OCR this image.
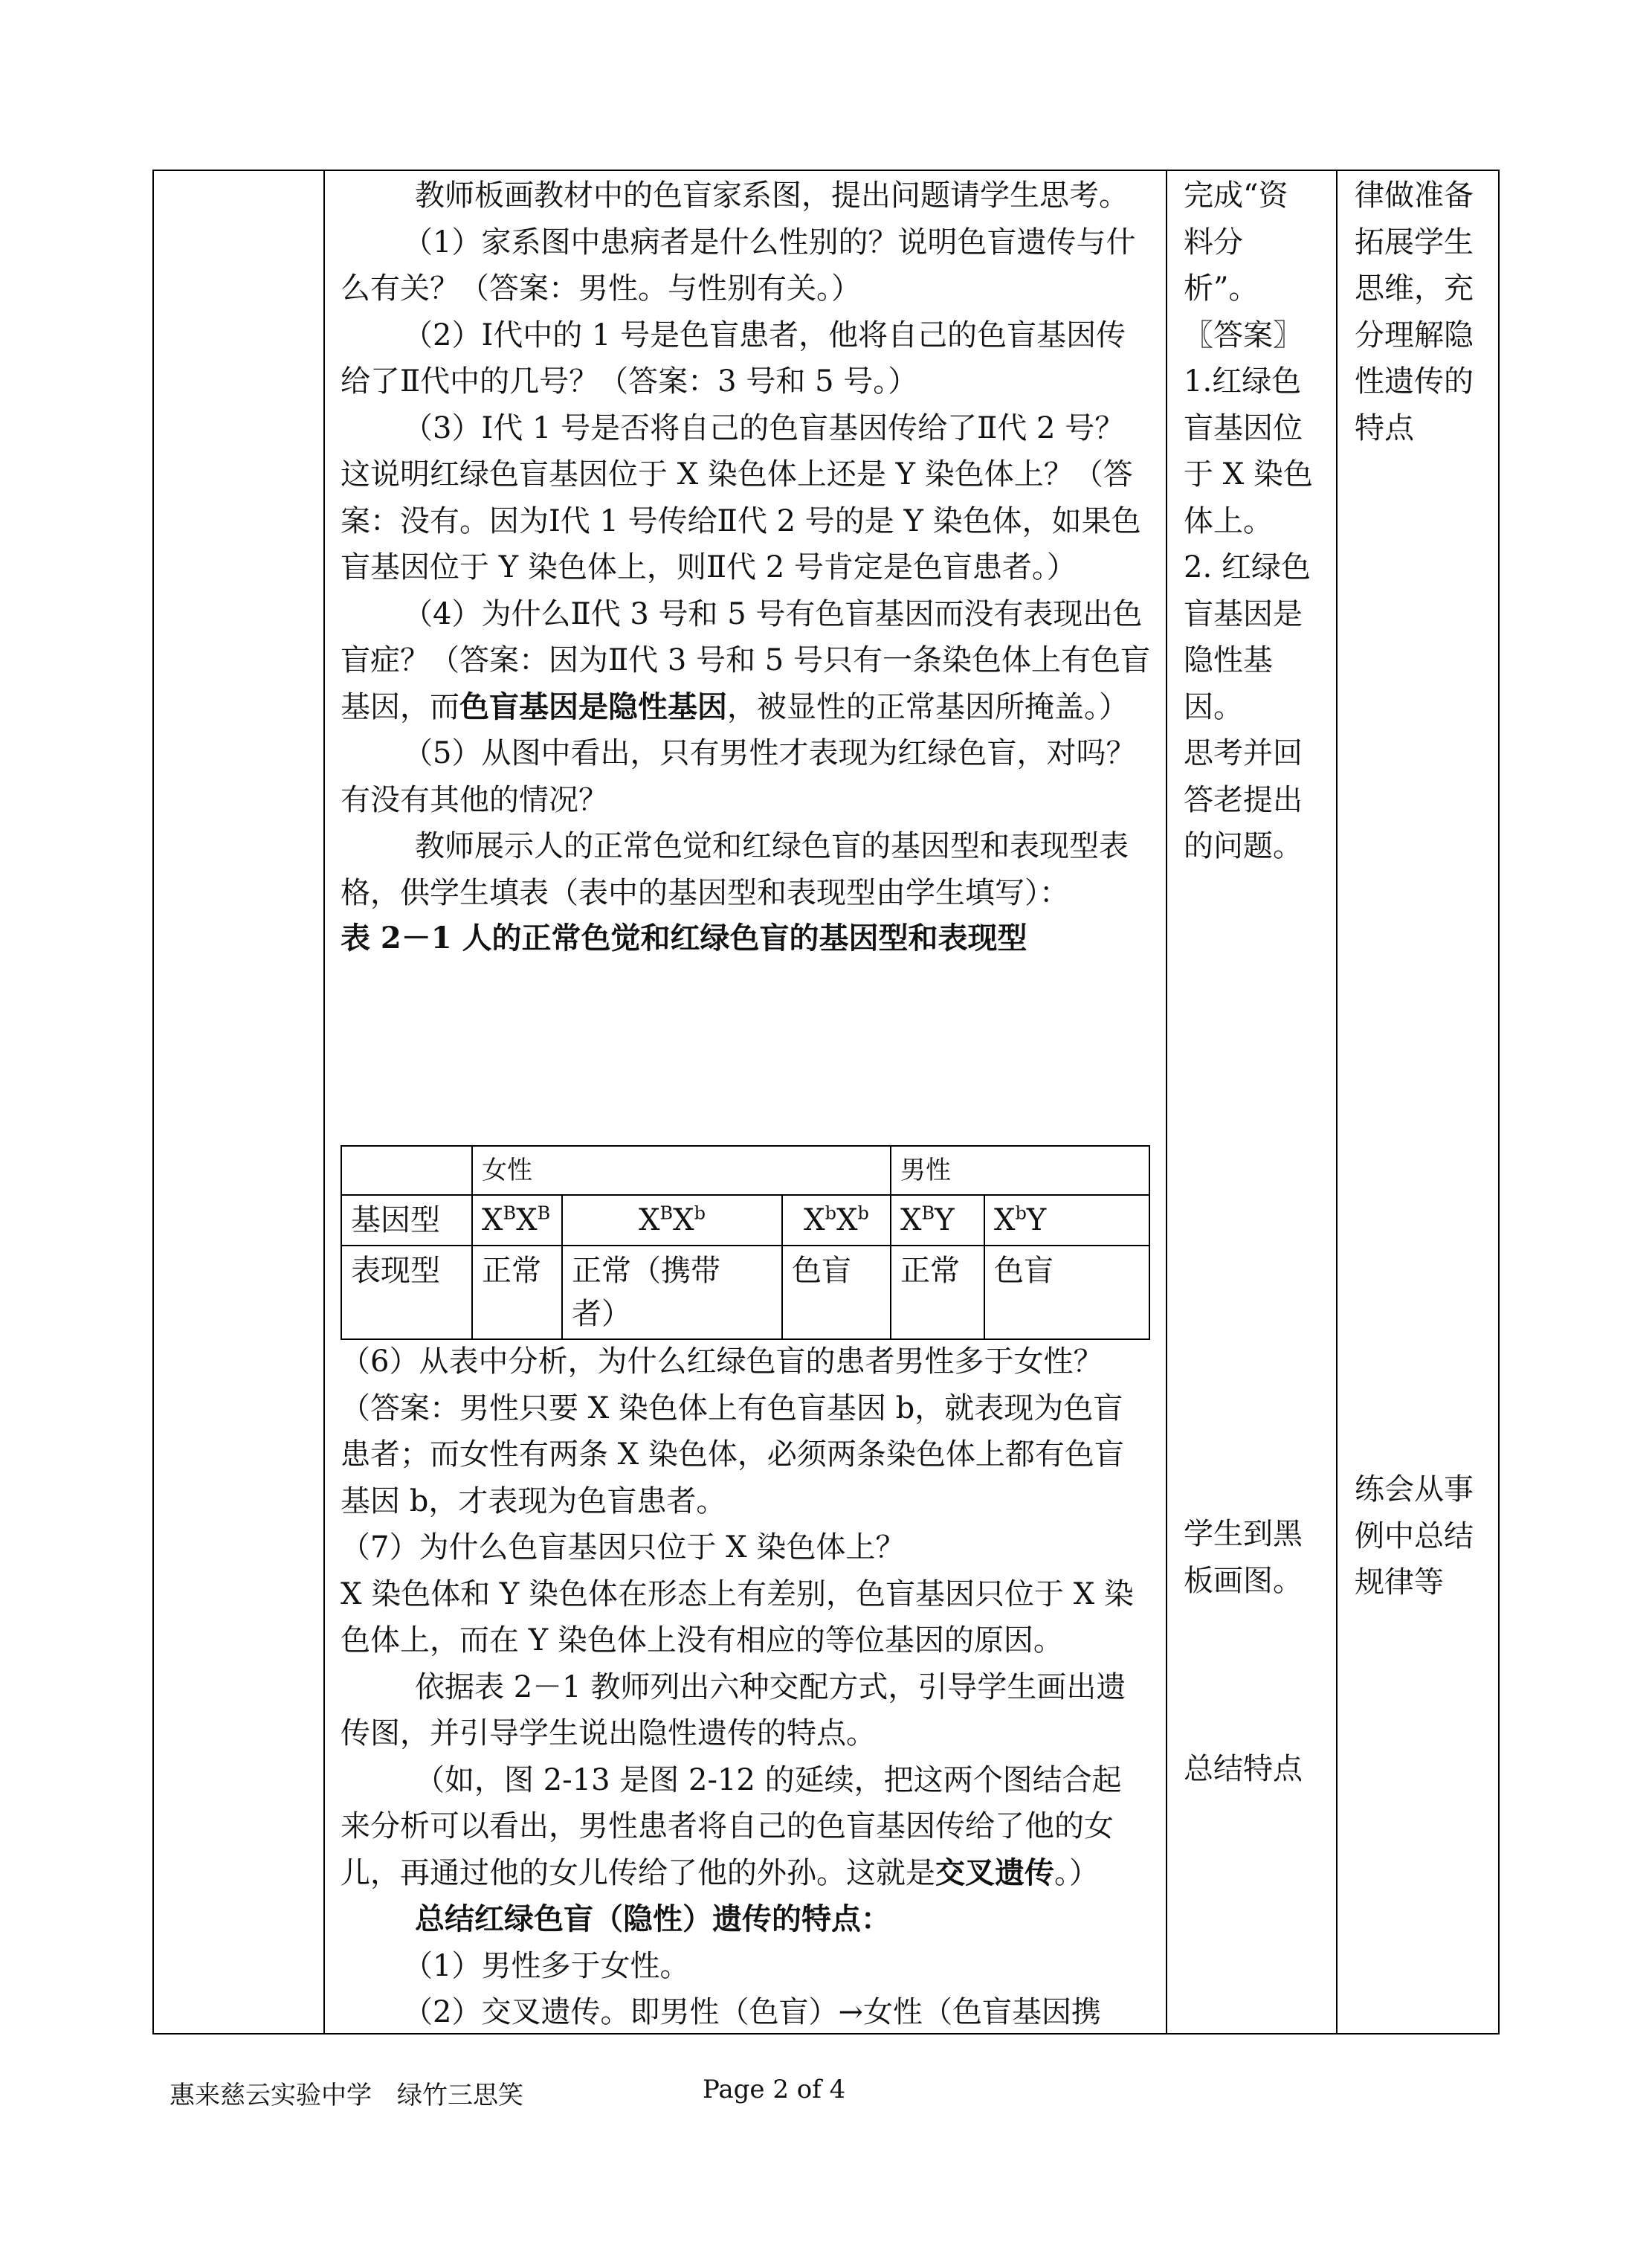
教师板画教材中的色盲家系图，提出问题请学生思考。

（1）家系图中患病者是什么性别的？说明色盲遗传与什么有关？（答案：男性。与性别有关。）

（2）Ⅰ代中的 1 号是色盲患者，他将自己的色盲基因传给了Ⅱ代中的几号？（答案：3 号和 5 号。）

（3）Ⅰ代 1 号是否将自己的色盲基因传给了Ⅱ代 2 号？这说明红绿色盲基因位于 X 染色体上还是 Y 染色体上？（答案：没有。因为Ⅰ代 1 号传给Ⅱ代 2 号的是 Y 染色体，如果色盲基因位于 Y 染色体上，则Ⅱ代 2 号肯定是色盲患者。）

（4）为什么Ⅱ代 3 号和 5 号有色盲基因而没有表现出色盲症？（答案：因为Ⅱ代 3 号和 5 号只有一条染色体上有色盲基因，而色盲基因是隐性基因，被显性的正常基因所掩盖。）

（5）从图中看出，只有男性才表现为红绿色盲，对吗？有没有其他的情况？

教师展示人的正常色觉和红绿色盲的基因型和表现型表格，供学生填表（表中的基因型和表现型由学生填写）：

表 2－1 人的正常色觉和红绿色盲的基因型和表现型

	女性			男性	
基因型	$X^BX^B$	$X^BX^b$	$X^bX^b$	$X^BY$	$X^bY$
表现型	正常	正常（携带者）	色盲	正常	色盲

（6）从表中分析，为什么红绿色盲的患者男性多于女性？（答案：男性只要 X 染色体上有色盲基因 b，就表现为色盲患者；而女性有两条 X 染色体，必须两条染色体上都有色盲基因 b，才表现为色盲患者。

（7）为什么色盲基因只位于 X 染色体上？

X 染色体和 Y 染色体在形态上有差别，色盲基因只位于 X 染色体上，而在 Y 染色体上没有相应的等位基因的原因。

依据表 2－1 教师列出六种交配方式，引导学生画出遗传图，并引导学生说出隐性遗传的特点。

（如，图 2-13 是图 2-12 的延续，把这两个图结合起来分析可以看出，男性患者将自己的色盲基因传给了他的女儿，再通过他的女儿传给了他的外孙。这就是交叉遗传。）

总结红绿色盲（隐性）遗传的特点：

（1）男性多于女性。

（2）交叉遗传。即男性（色盲）→女性（色盲基因携

完成“资料分析”。

〖答案〗

1.红绿色盲基因位于 X 染色体上。

2. 红绿色盲基因是隐性基因。

思考并回答老提出的问题。

学生到黑板画图。

总结特点

律做准备拓展学生思维，充分理解隐性遗传的特点

练会从事例中总结规律等

惠来慈云实验中学　绿竹三思笑	Page 2 of 4
